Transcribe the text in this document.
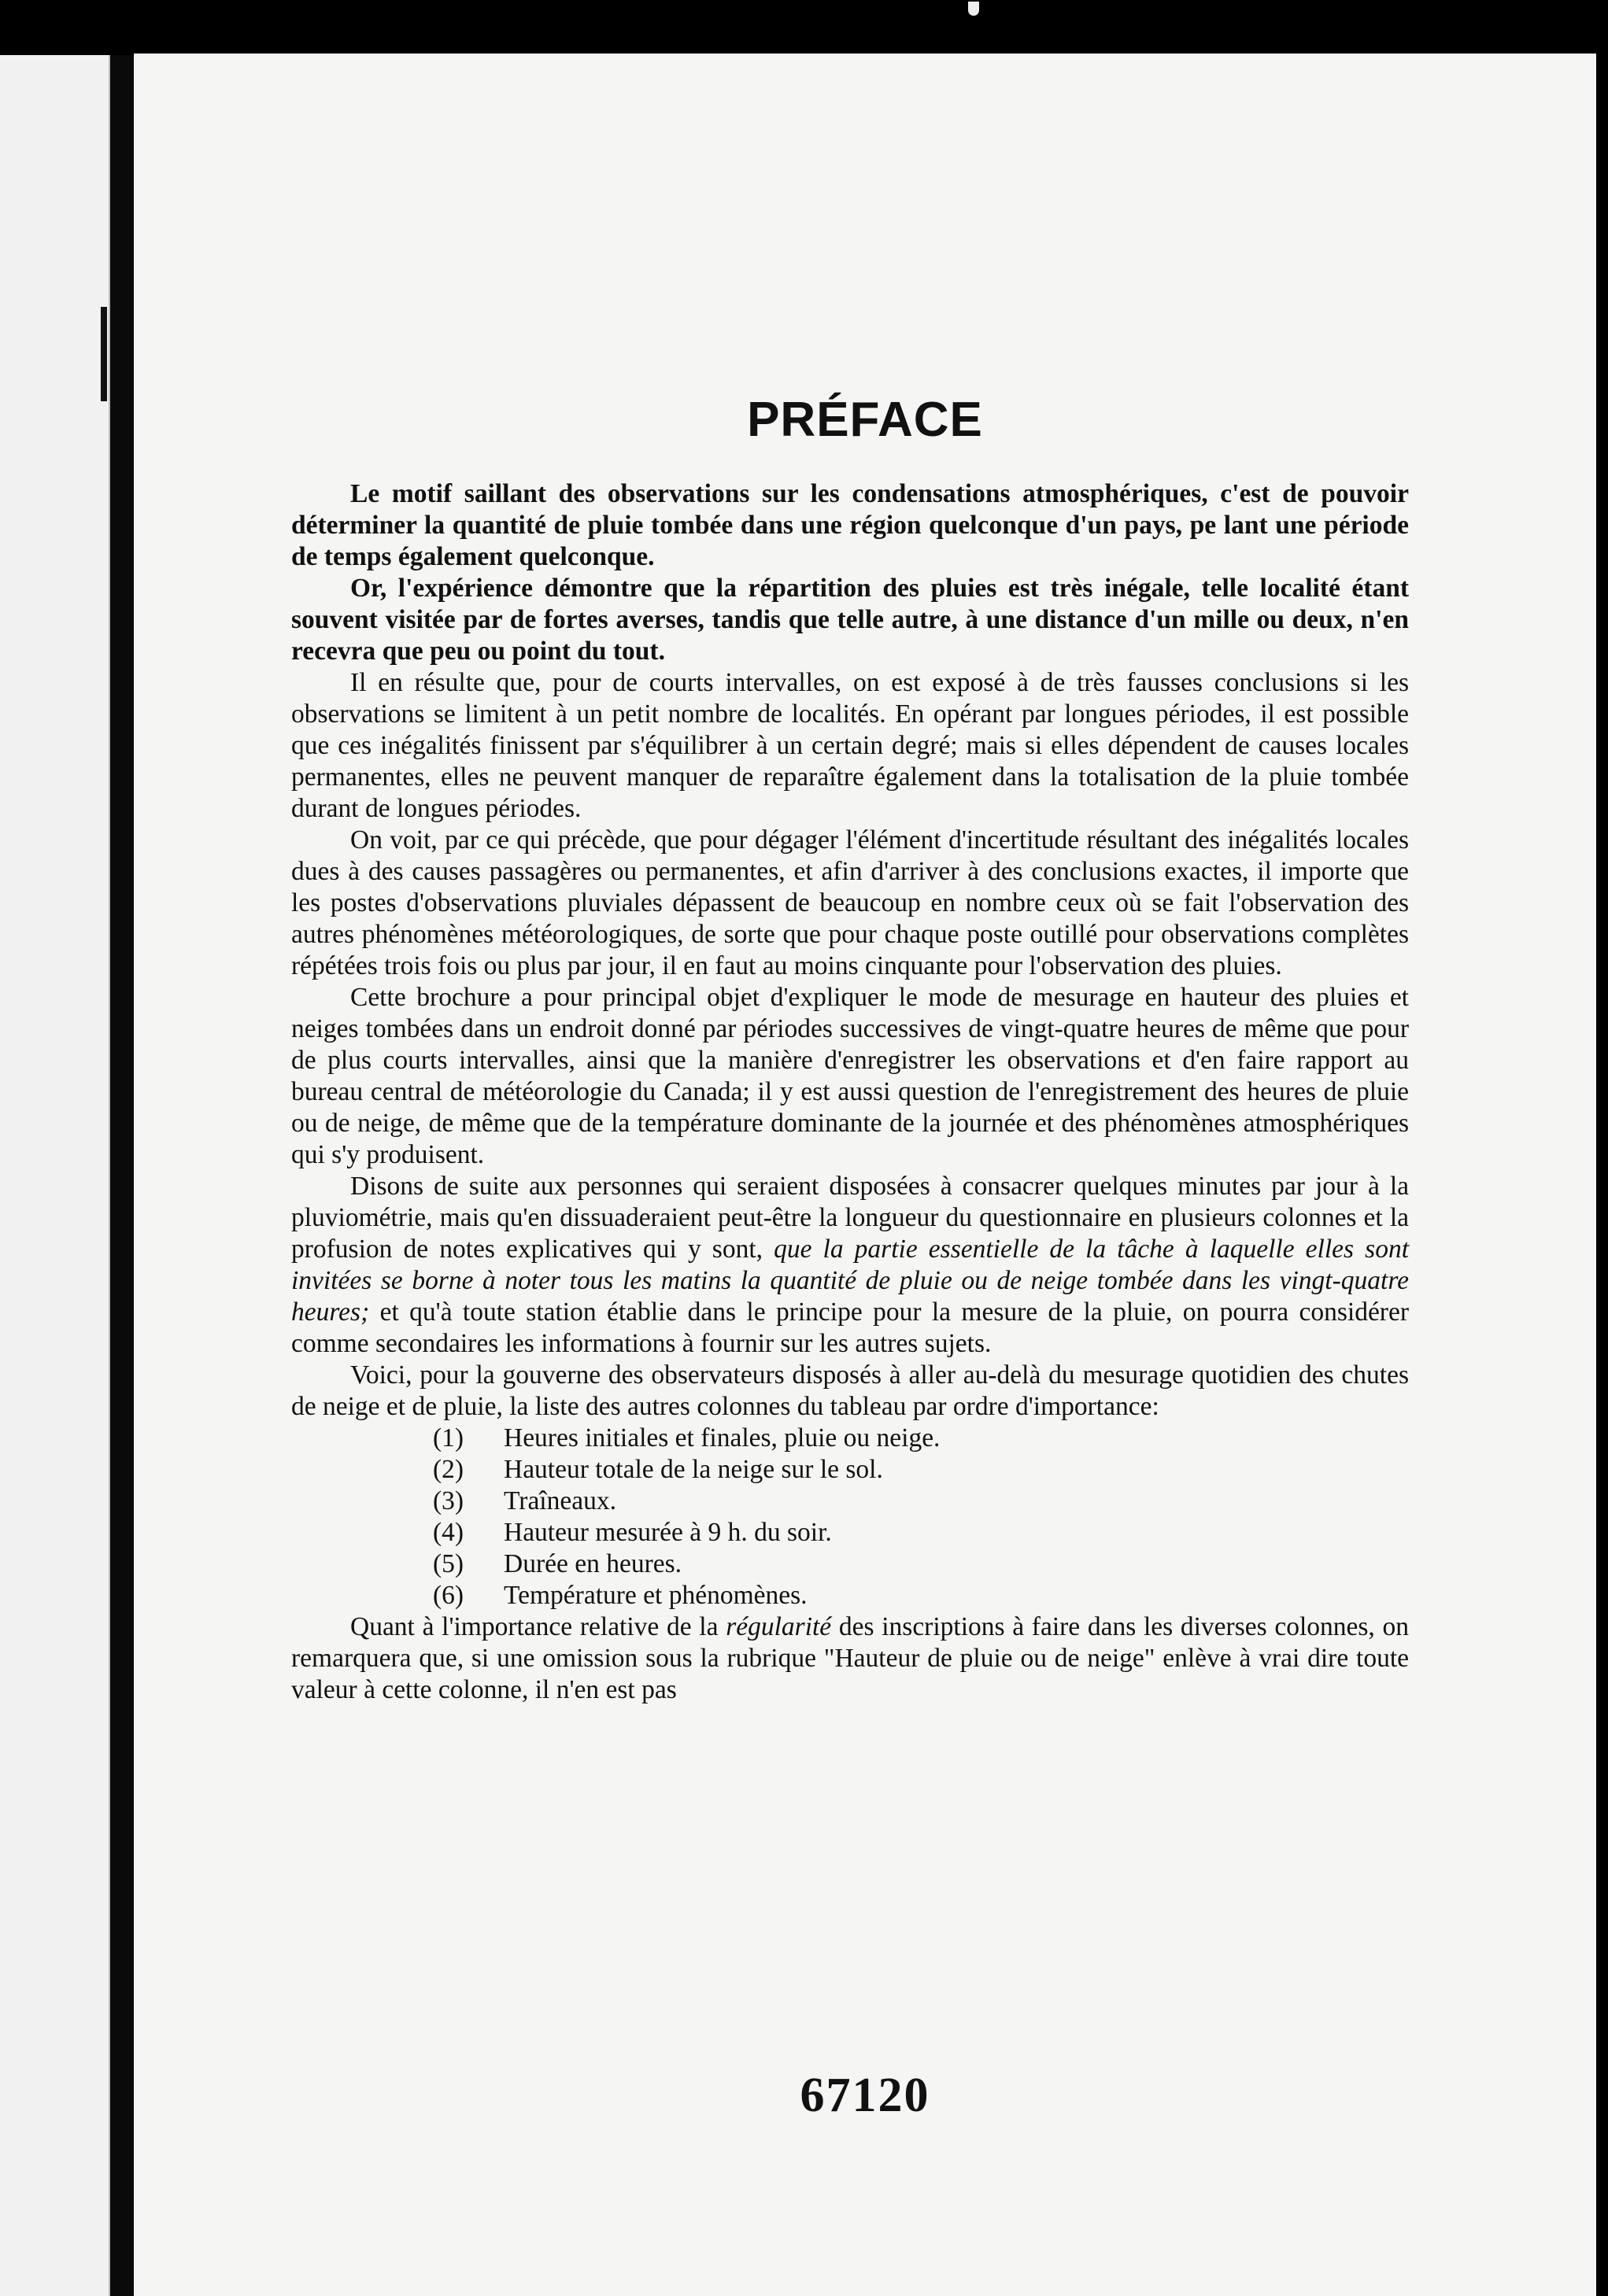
PRÉFACE

Le motif saillant des observations sur les condensations atmosphériques, c'est de pouvoir déterminer la quantité de pluie tombée dans une région quelconque d'un pays, pe lant une période de temps également quelconque.

Or, l'expérience démontre que la répartition des pluies est très inégale, telle localité étant souvent visitée par de fortes averses, tandis que telle autre, à une distance d'un mille ou deux, n'en recevra que peu ou point du tout.

Il en résulte que, pour de courts intervalles, on est exposé à de très fausses conclusions si les observations se limitent à un petit nombre de localités. En opérant par longues périodes, il est possible que ces inégalités finissent par s'équilibrer à un certain degré; mais si elles dépendent de causes locales permanentes, elles ne peuvent manquer de reparaître également dans la totalisation de la pluie tombée durant de longues périodes.

On voit, par ce qui précède, que pour dégager l'élément d'incertitude résultant des inégalités locales dues à des causes passagères ou permanentes, et afin d'arriver à des conclusions exactes, il importe que les postes d'observations pluviales dépassent de beaucoup en nombre ceux où se fait l'observation des autres phénomènes météorologiques, de sorte que pour chaque poste outillé pour observations complètes répétées trois fois ou plus par jour, il en faut au moins cinquante pour l'observation des pluies.

Cette brochure a pour principal objet d'expliquer le mode de mesurage en hauteur des pluies et neiges tombées dans un endroit donné par périodes successives de vingt-quatre heures de même que pour de plus courts intervalles, ainsi que la manière d'enregistrer les observations et d'en faire rapport au bureau central de météorologie du Canada; il y est aussi question de l'enregistrement des heures de pluie ou de neige, de même que de la température dominante de la journée et des phénomènes atmosphériques qui s'y produisent.

Disons de suite aux personnes qui seraient disposées à consacrer quelques minutes par jour à la pluviométrie, mais qu'en dissuaderaient peut-être la longueur du questionnaire en plusieurs colonnes et la profusion de notes explicatives qui y sont, que la partie essentielle de la tâche à laquelle elles sont invitées se borne à noter tous les matins la quantité de pluie ou de neige tombée dans les vingt-quatre heures; et qu'à toute station établie dans le principe pour la mesure de la pluie, on pourra considérer comme secondaires les informations à fournir sur les autres sujets.

Voici, pour la gouverne des observateurs disposés à aller au-delà du mesurage quotidien des chutes de neige et de pluie, la liste des autres colonnes du tableau par ordre d'importance:

(1)	Heures initiales et finales, pluie ou neige.
(2)	Hauteur totale de la neige sur le sol.
(3)	Traîneaux.
(4)	Hauteur mesurée à 9 h. du soir.
(5)	Durée en heures.
(6)	Température et phénomènes.

Quant à l'importance relative de la régularité des inscriptions à faire dans les diverses colonnes, on remarquera que, si une omission sous la rubrique "Hauteur de pluie ou de neige" enlève à vrai dire toute valeur à cette colonne, il n'en est pas

67120
